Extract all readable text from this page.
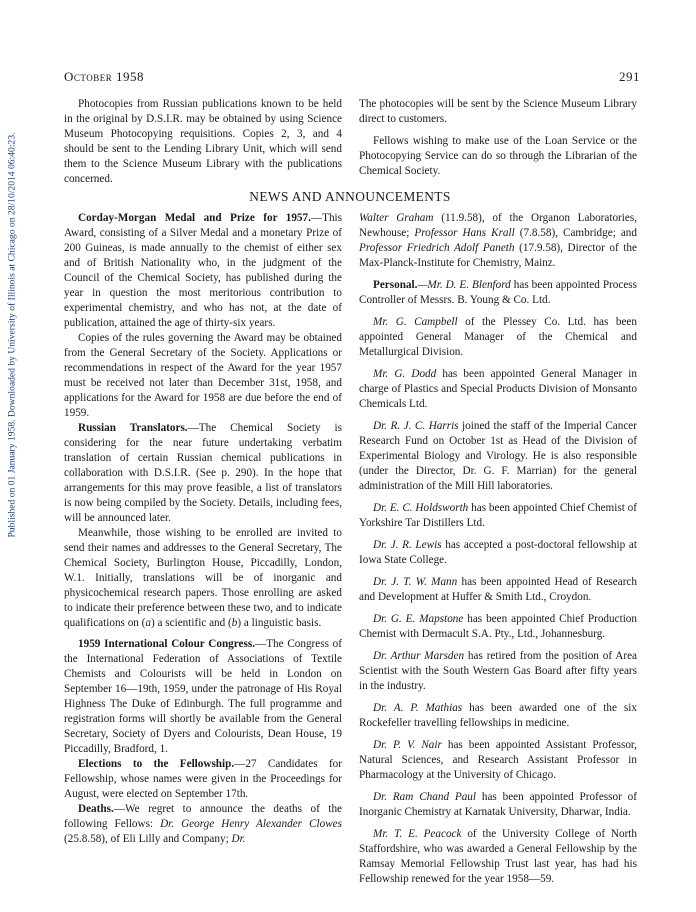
Published on 01 January 1958. Downloaded by University of Illinois at Chicago on 28/10/2014 06:40:23.
October 1958	291

Photocopies from Russian publications known to be held in the original by D.S.I.R. may be obtained by using Science Museum Photocopying requisitions. Copies 2, 3, and 4 should be sent to the Lending Library Unit, which will send them to the Science Museum Library with the publications concerned.

The photocopies will be sent by the Science Museum Library direct to customers.

Fellows wishing to make use of the Loan Service or the Photocopying Service can do so through the Librarian of the Chemical Society.

NEWS AND ANNOUNCEMENTS

Corday-Morgan Medal and Prize for 1957.—This Award, consisting of a Silver Medal and a monetary Prize of 200 Guineas, is made annually to the chemist of either sex and of British Nationality who, in the judgment of the Council of the Chemical Society, has published during the year in question the most meritorious contribution to experimental chemistry, and who has not, at the date of publication, attained the age of thirty-six years.

Copies of the rules governing the Award may be obtained from the General Secretary of the Society. Applications or recommendations in respect of the Award for the year 1957 must be received not later than December 31st, 1958, and applications for the Award for 1958 are due before the end of 1959.

Russian Translators.—The Chemical Society is considering for the near future undertaking verbatim translation of certain Russian chemical publications in collaboration with D.S.I.R. (See p. 290). In the hope that arrangements for this may prove feasible, a list of translators is now being compiled by the Society. Details, including fees, will be announced later.

Meanwhile, those wishing to be enrolled are invited to send their names and addresses to the General Secretary, The Chemical Society, Burlington House, Piccadilly, London, W.1. Initially, translations will be of inorganic and physicochemical research papers. Those enrolling are asked to indicate their preference between these two, and to indicate qualifications on (a) a scientific and (b) a linguistic basis.

1959 International Colour Congress.—The Congress of the International Federation of Associations of Textile Chemists and Colourists will be held in London on September 16—19th, 1959, under the patronage of His Royal Highness The Duke of Edinburgh. The full programme and registration forms will shortly be available from the General Secretary, Society of Dyers and Colourists, Dean House, 19 Piccadilly, Bradford, 1.

Elections to the Fellowship.—27 Candidates for Fellowship, whose names were given in the Proceedings for August, were elected on September 17th.

Deaths.—We regret to announce the deaths of the following Fellows: Dr. George Henry Alexander Clowes (25.8.58), of Eli Lilly and Company; Dr.

Walter Graham (11.9.58), of the Organon Laboratories, Newhouse; Professor Hans Krall (7.8.58), Cambridge; and Professor Friedrich Adolf Paneth (17.9.58), Director of the Max-Planck-Institute for Chemistry, Mainz.

Personal.—Mr. D. E. Blenford has been appointed Process Controller of Messrs. B. Young & Co. Ltd.

Mr. G. Campbell of the Plessey Co. Ltd. has been appointed General Manager of the Chemical and Metallurgical Division.

Mr. G. Dodd has been appointed General Manager in charge of Plastics and Special Products Division of Monsanto Chemicals Ltd.

Dr. R. J. C. Harris joined the staff of the Imperial Cancer Research Fund on October 1st as Head of the Division of Experimental Biology and Virology. He is also responsible (under the Director, Dr. G. F. Marrian) for the general administration of the Mill Hill laboratories.

Dr. E. C. Holdsworth has been appointed Chief Chemist of Yorkshire Tar Distillers Ltd.

Dr. J. R. Lewis has accepted a post-doctoral fellowship at Iowa State College.

Dr. J. T. W. Mann has been appointed Head of Research and Development at Huffer & Smith Ltd., Croydon.

Dr. G. E. Mapstone has been appointed Chief Production Chemist with Dermacult S.A. Pty., Ltd., Johannesburg.

Dr. Arthur Marsden has retired from the position of Area Scientist with the South Western Gas Board after fifty years in the industry.

Dr. A. P. Mathias has been awarded one of the six Rockefeller travelling fellowships in medicine.

Dr. P. V. Nair has been appointed Assistant Professor, Natural Sciences, and Research Assistant Professor in Pharmacology at the University of Chicago.

Dr. Ram Chand Paul has been appointed Professor of Inorganic Chemistry at Karnatak University, Dharwar, India.

Mr. T. E. Peacock of the University College of North Staffordshire, who was awarded a General Fellowship by the Ramsay Memorial Fellowship Trust last year, has had his Fellowship renewed for the year 1958—59.
